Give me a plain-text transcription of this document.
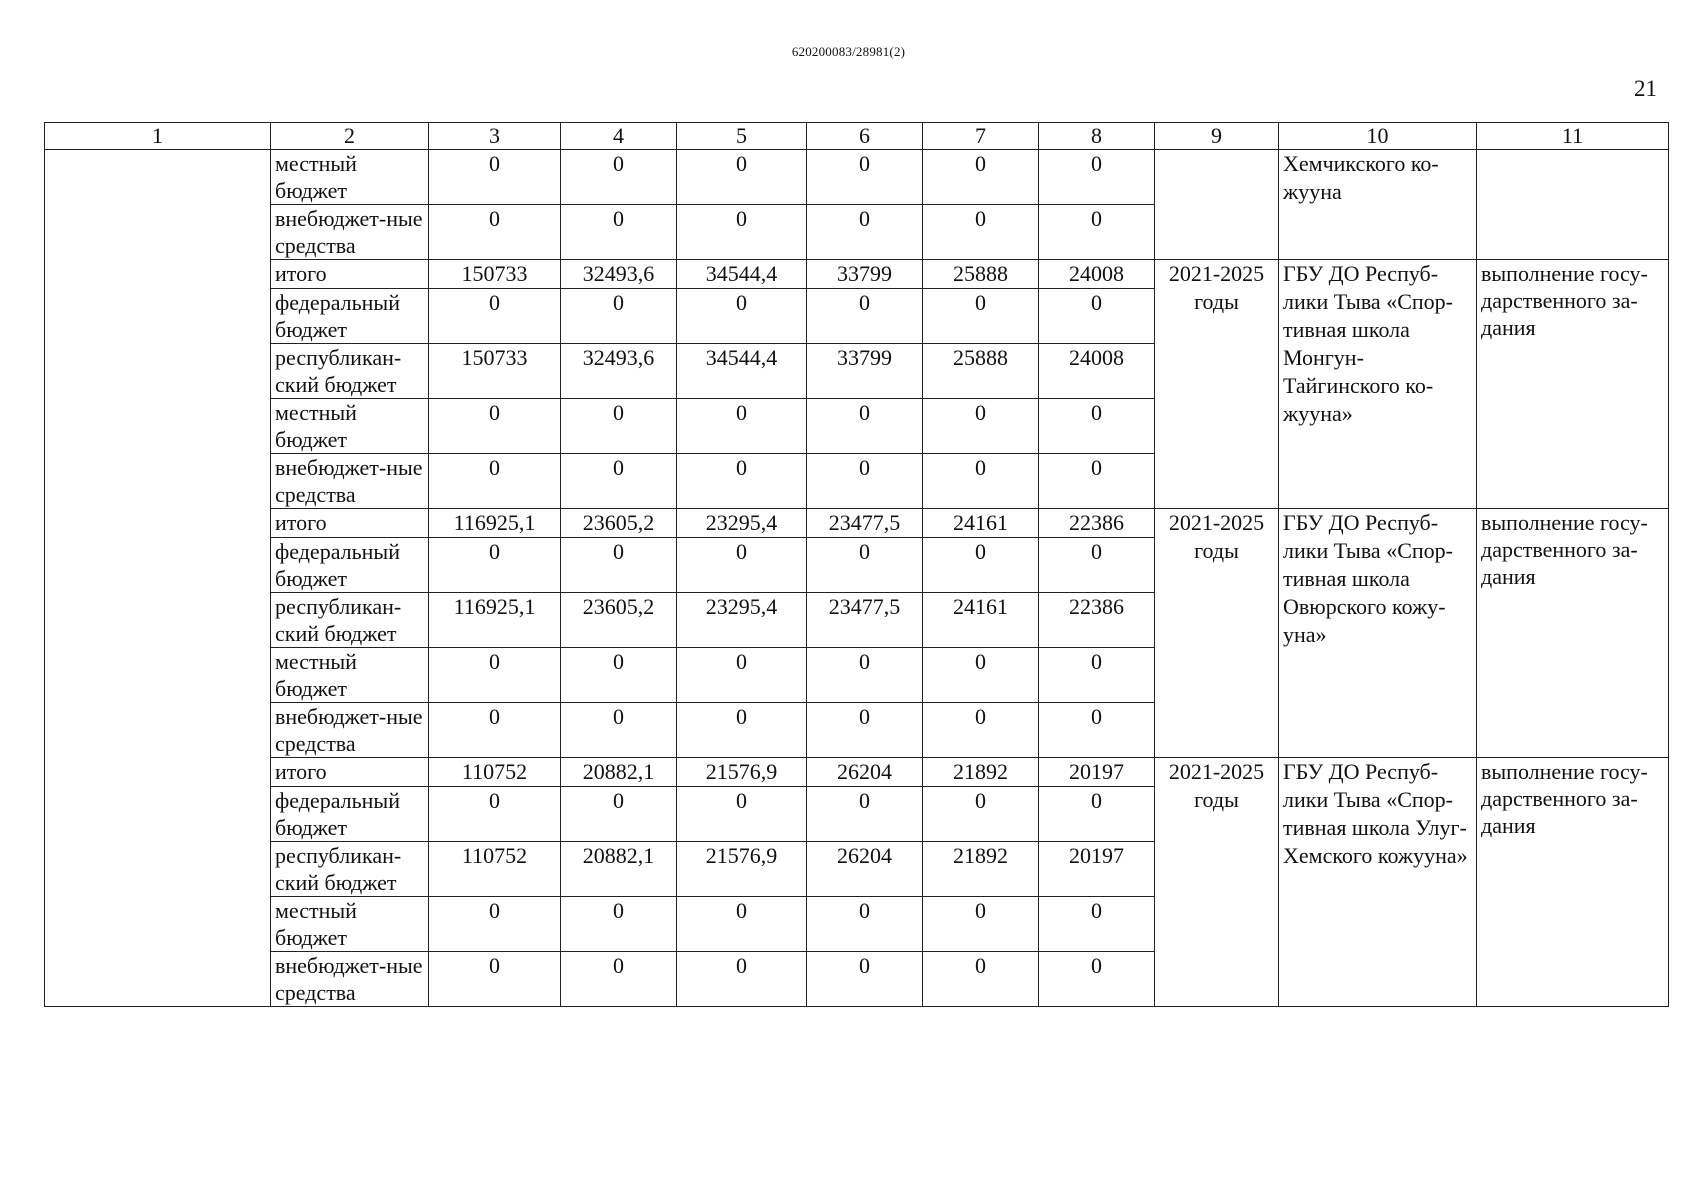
620200083/28981(2)
21
1	2	3	4	5	6	7	8	9	10	11
	местный бюджет	0	0	0	0	0	0		Хемчикского ко-жууна	
	внебюджет-ные средства	0	0	0	0	0	0			
	итого	150733	32493,6	34544,4	33799	25888	24008	2021-2025 годы	ГБУ ДО Респуб-лики Тыва «Спор-тивная школа Монгун-Тайгинского ко-жууна»	выполнение госу-дарственного за-дания
	федеральный бюджет	0	0	0	0	0	0			
	республикан-ский бюджет	150733	32493,6	34544,4	33799	25888	24008			
	местный бюджет	0	0	0	0	0	0			
	внебюджет-ные средства	0	0	0	0	0	0			
	итого	116925,1	23605,2	23295,4	23477,5	24161	22386	2021-2025 годы	ГБУ ДО Респуб-лики Тыва «Спор-тивная школа Овюрского кожу-уна»	выполнение госу-дарственного за-дания
	федеральный бюджет	0	0	0	0	0	0			
	республикан-ский бюджет	116925,1	23605,2	23295,4	23477,5	24161	22386			
	местный бюджет	0	0	0	0	0	0			
	внебюджет-ные средства	0	0	0	0	0	0			
	итого	110752	20882,1	21576,9	26204	21892	20197	2021-2025 годы	ГБУ ДО Респуб-лики Тыва «Спор-тивная школа Улуг-Хемского кожууна»	выполнение госу-дарственного за-дания
	федеральный бюджет	0	0	0	0	0	0			
	республикан-ский бюджет	110752	20882,1	21576,9	26204	21892	20197			
	местный бюджет	0	0	0	0	0	0			
	внебюджет-ные средства	0	0	0	0	0	0			
